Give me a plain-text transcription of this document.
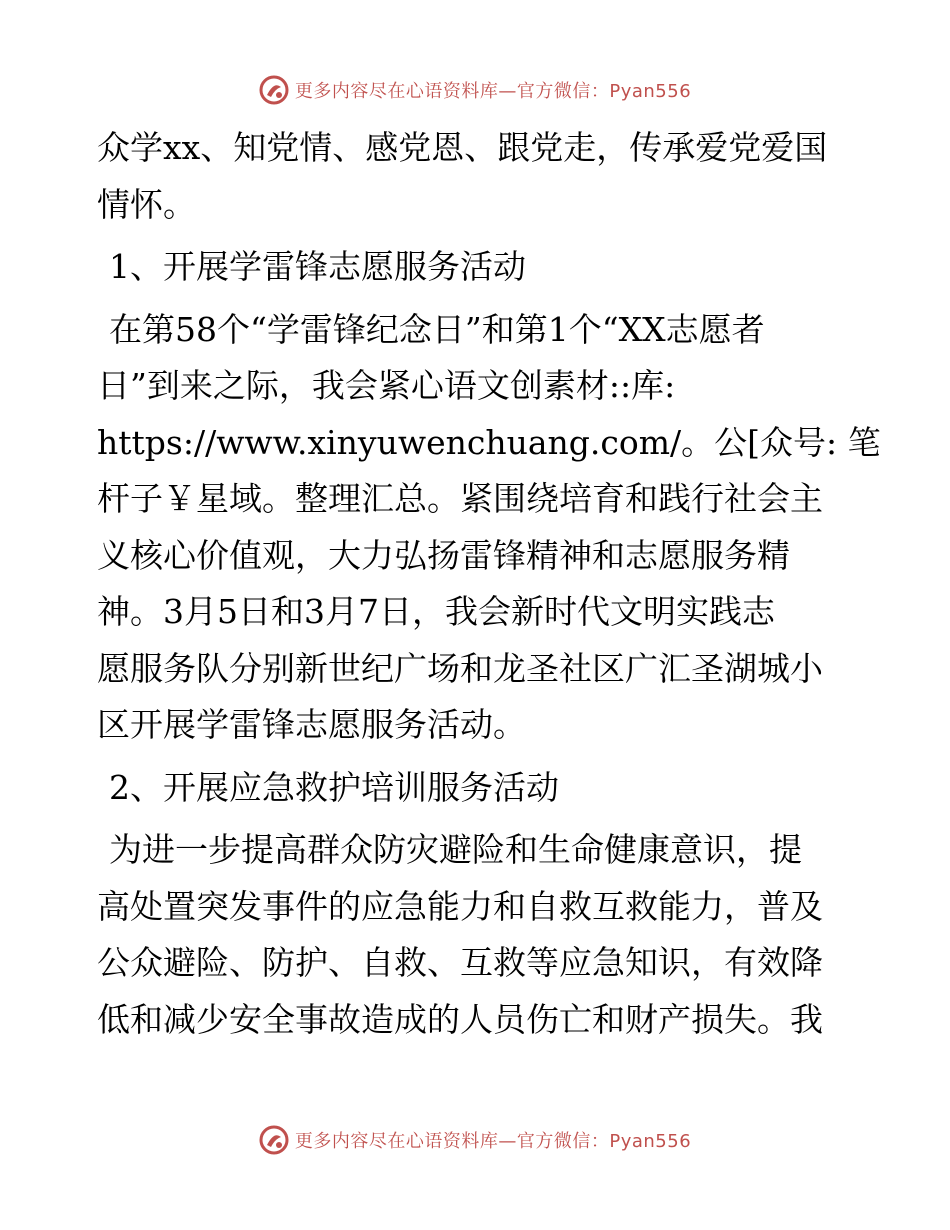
更多内容尽在心语资料库—官方微信：Pyan556
众学xx、知党情、感党恩、跟党走，传承爱党爱国
情怀。
1、开展学雷锋志愿服务活动
在第58个“学雷锋纪念日”和第1个“XX志愿者
日”到来之际，我会紧心语文创素材::库:
https://www.xinyuwenchuang.com/。公[众号: 笔
杆子￥星域。整理汇总。紧围绕培育和践行社会主
义核心价值观，大力弘扬雷锋精神和志愿服务精
神。3月5日和3月7日，我会新时代文明实践志
愿服务队分别新世纪广场和龙圣社区广汇圣湖城小
区开展学雷锋志愿服务活动。
2、开展应急救护培训服务活动
为进一步提高群众防灾避险和生命健康意识，提
高处置突发事件的应急能力和自救互救能力，普及
公众避险、防护、自救、互救等应急知识，有效降
低和减少安全事故造成的人员伤亡和财产损失。我
更多内容尽在心语资料库—官方微信：Pyan556
